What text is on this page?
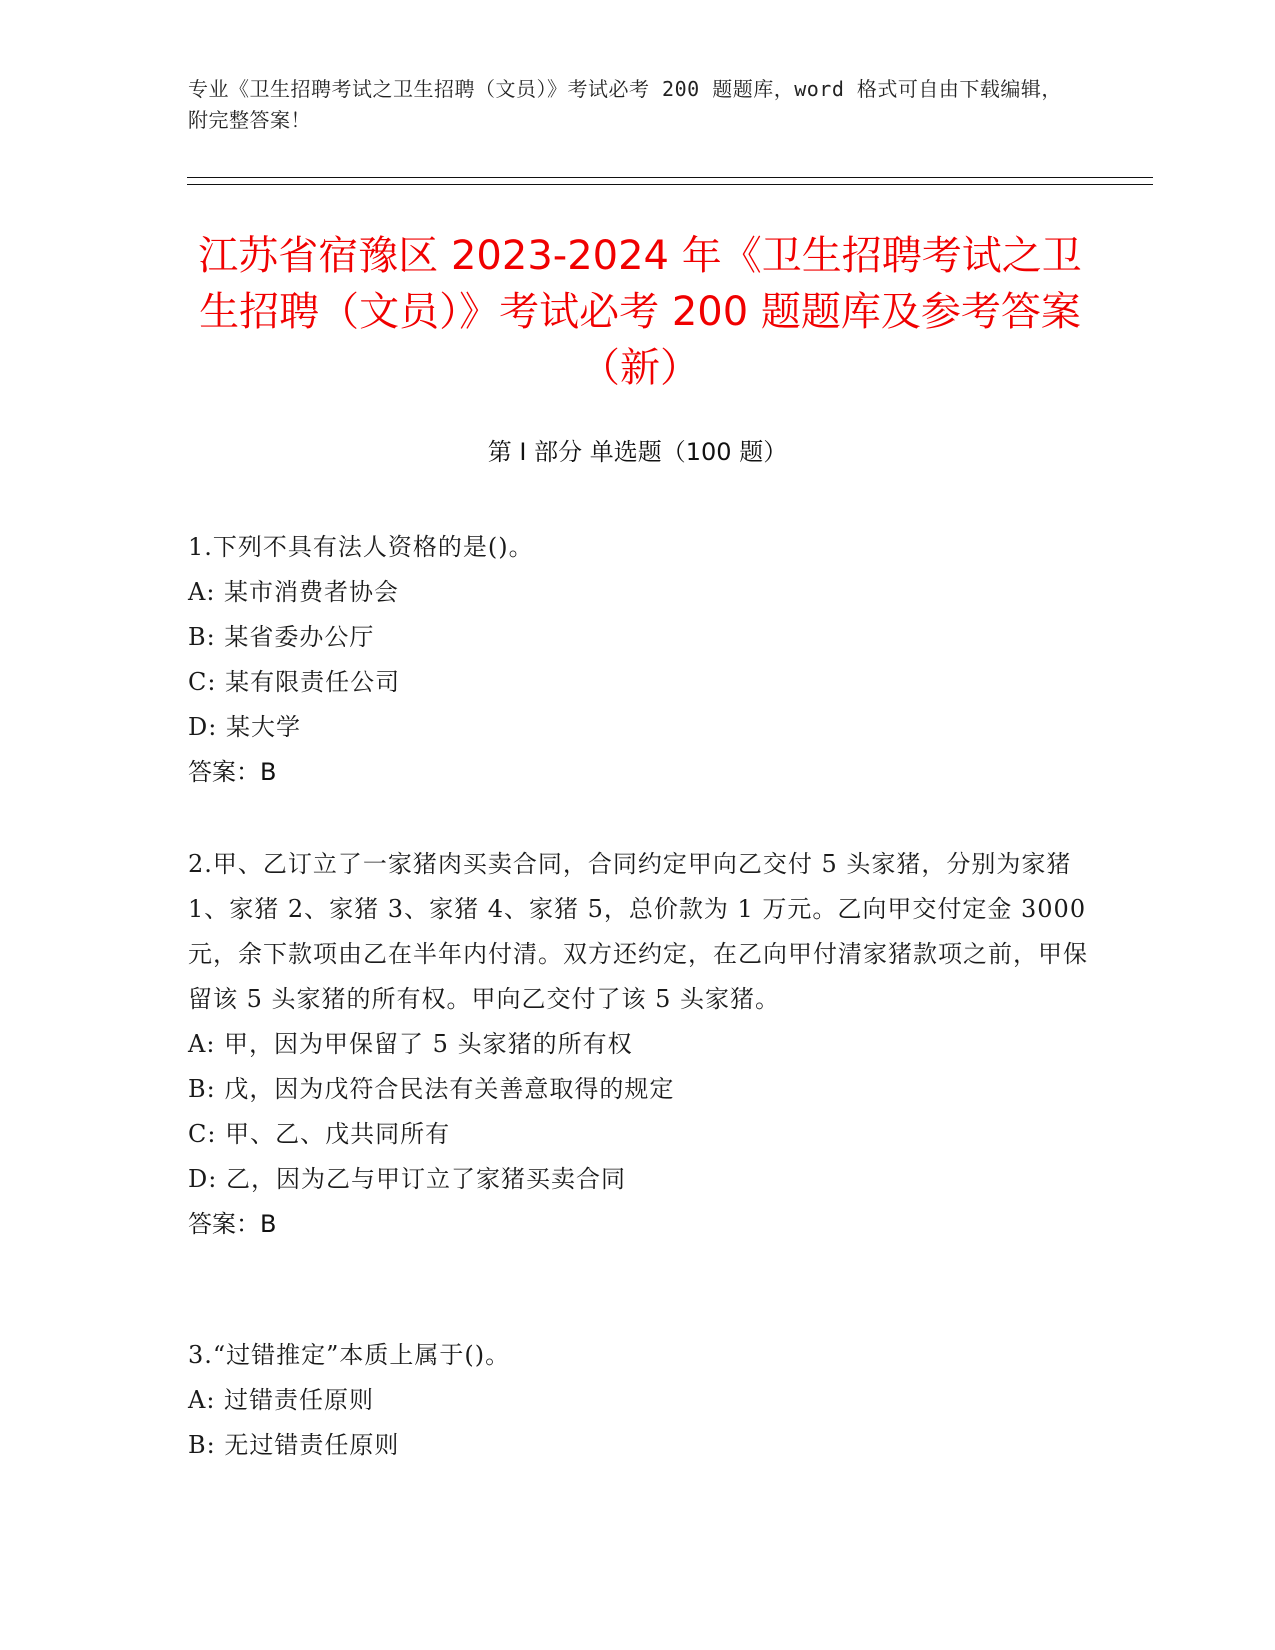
专业《卫生招聘考试之卫生招聘（文员）》考试必考 200 题题库，word 格式可自由下载编辑，附完整答案！
江苏省宿豫区 2023-2024 年《卫生招聘考试之卫生招聘（文员）》考试必考 200 题题库及参考答案（新）
第 I 部分 单选题（100 题）
1.下列不具有法人资格的是()。
A: 某市消费者协会
B: 某省委办公厅
C: 某有限责任公司
D: 某大学
答案：B
2.甲、乙订立了一家猪肉买卖合同，合同约定甲向乙交付 5 头家猪，分别为家猪 1、家猪 2、家猪 3、家猪 4、家猪 5，总价款为 1 万元。乙向甲交付定金 3000 元，余下款项由乙在半年内付清。双方还约定，在乙向甲付清家猪款项之前，甲保留该 5 头家猪的所有权。甲向乙交付了该 5 头家猪。
A: 甲，因为甲保留了 5 头家猪的所有权
B: 戊，因为戊符合民法有关善意取得的规定
C: 甲、乙、戊共同所有
D: 乙，因为乙与甲订立了家猪买卖合同
答案：B
3.“过错推定”本质上属于()。
A: 过错责任原则
B: 无过错责任原则
